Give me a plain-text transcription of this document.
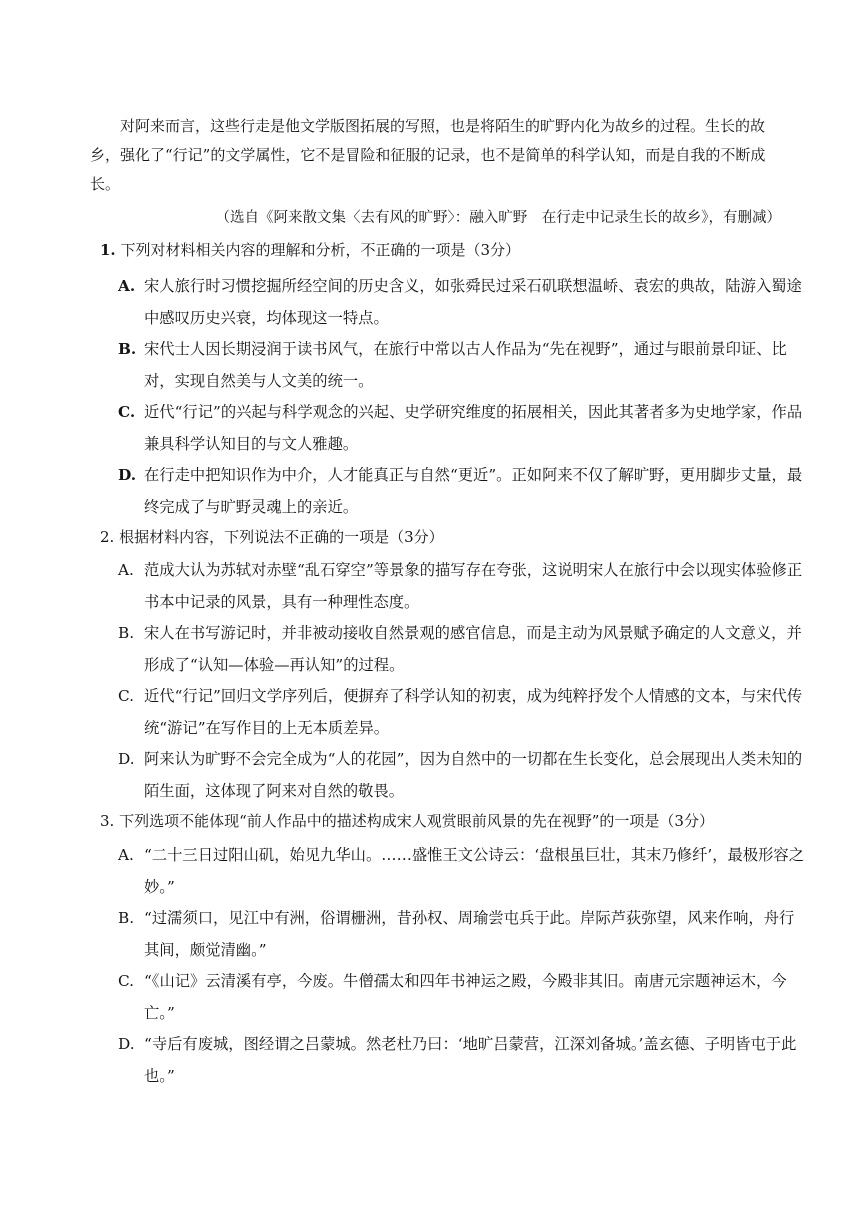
对阿来而言，这些行走是他文学版图拓展的写照，也是将陌生的旷野内化为故乡的过程。生长的故乡，强化了“行记”的文学属性，它不是冒险和征服的记录，也不是简单的科学认知，而是自我的不断成长。

（选自《阿来散文集〈去有风的旷野〉：融入旷野　在行走中记录生长的故乡》，有删减）
1. 下列对材料相关内容的理解和分析，不正确的一项是（3分）
A. 宋人旅行时习惯挖掘所经空间的历史含义，如张舜民过采石矶联想温峤、袁宏的典故，陆游入蜀途中感叹历史兴衰，均体现这一特点。
B. 宋代士人因长期浸润于读书风气，在旅行中常以古人作品为“先在视野”，通过与眼前景印证、比对，实现自然美与人文美的统一。
C. 近代“行记”的兴起与科学观念的兴起、史学研究维度的拓展相关，因此其著者多为史地学家，作品兼具科学认知目的与文人雅趣。
D. 在行走中把知识作为中介，人才能真正与自然“更近”。正如阿来不仅了解旷野，更用脚步丈量，最终完成了与旷野灵魂上的亲近。
2. 根据材料内容，下列说法不正确的一项是（3分）
A. 范成大认为苏轼对赤壁“乱石穿空”等景象的描写存在夸张，这说明宋人在旅行中会以现实体验修正书本中记录的风景，具有一种理性态度。
B. 宋人在书写游记时，并非被动接收自然景观的感官信息，而是主动为风景赋予确定的人文意义，并形成了“认知—体验—再认知”的过程。
C. 近代“行记”回归文学序列后，便摒弃了科学认知的初衷，成为纯粹抒发个人情感的文本，与宋代传统“游记”在写作目的上无本质差异。
D. 阿来认为旷野不会完全成为“人的花园”，因为自然中的一切都在生长变化，总会展现出人类未知的陌生面，这体现了阿来对自然的敬畏。
3. 下列选项不能体现“前人作品中的描述构成宋人观赏眼前风景的先在视野”的一项是（3分）
A. “二十三日过阳山矶，始见九华山。……盛惟王文公诗云：‘盘根虽巨壮，其末乃修纤’，最极形容之妙。”
B. “过濡须口，见江中有洲，俗谓栅洲，昔孙权、周瑜尝屯兵于此。岸际芦荻弥望，风来作响，舟行其间，颇觉清幽。”
C. “《山记》云清溪有亭，今废。牛僧孺太和四年书神运之殿，今殿非其旧。南唐元宗题神运木，今亡。”
D. “寺后有废城，图经谓之吕蒙城。然老杜乃曰：‘地旷吕蒙营，江深刘备城。’盖玄德、子明皆屯于此也。”
